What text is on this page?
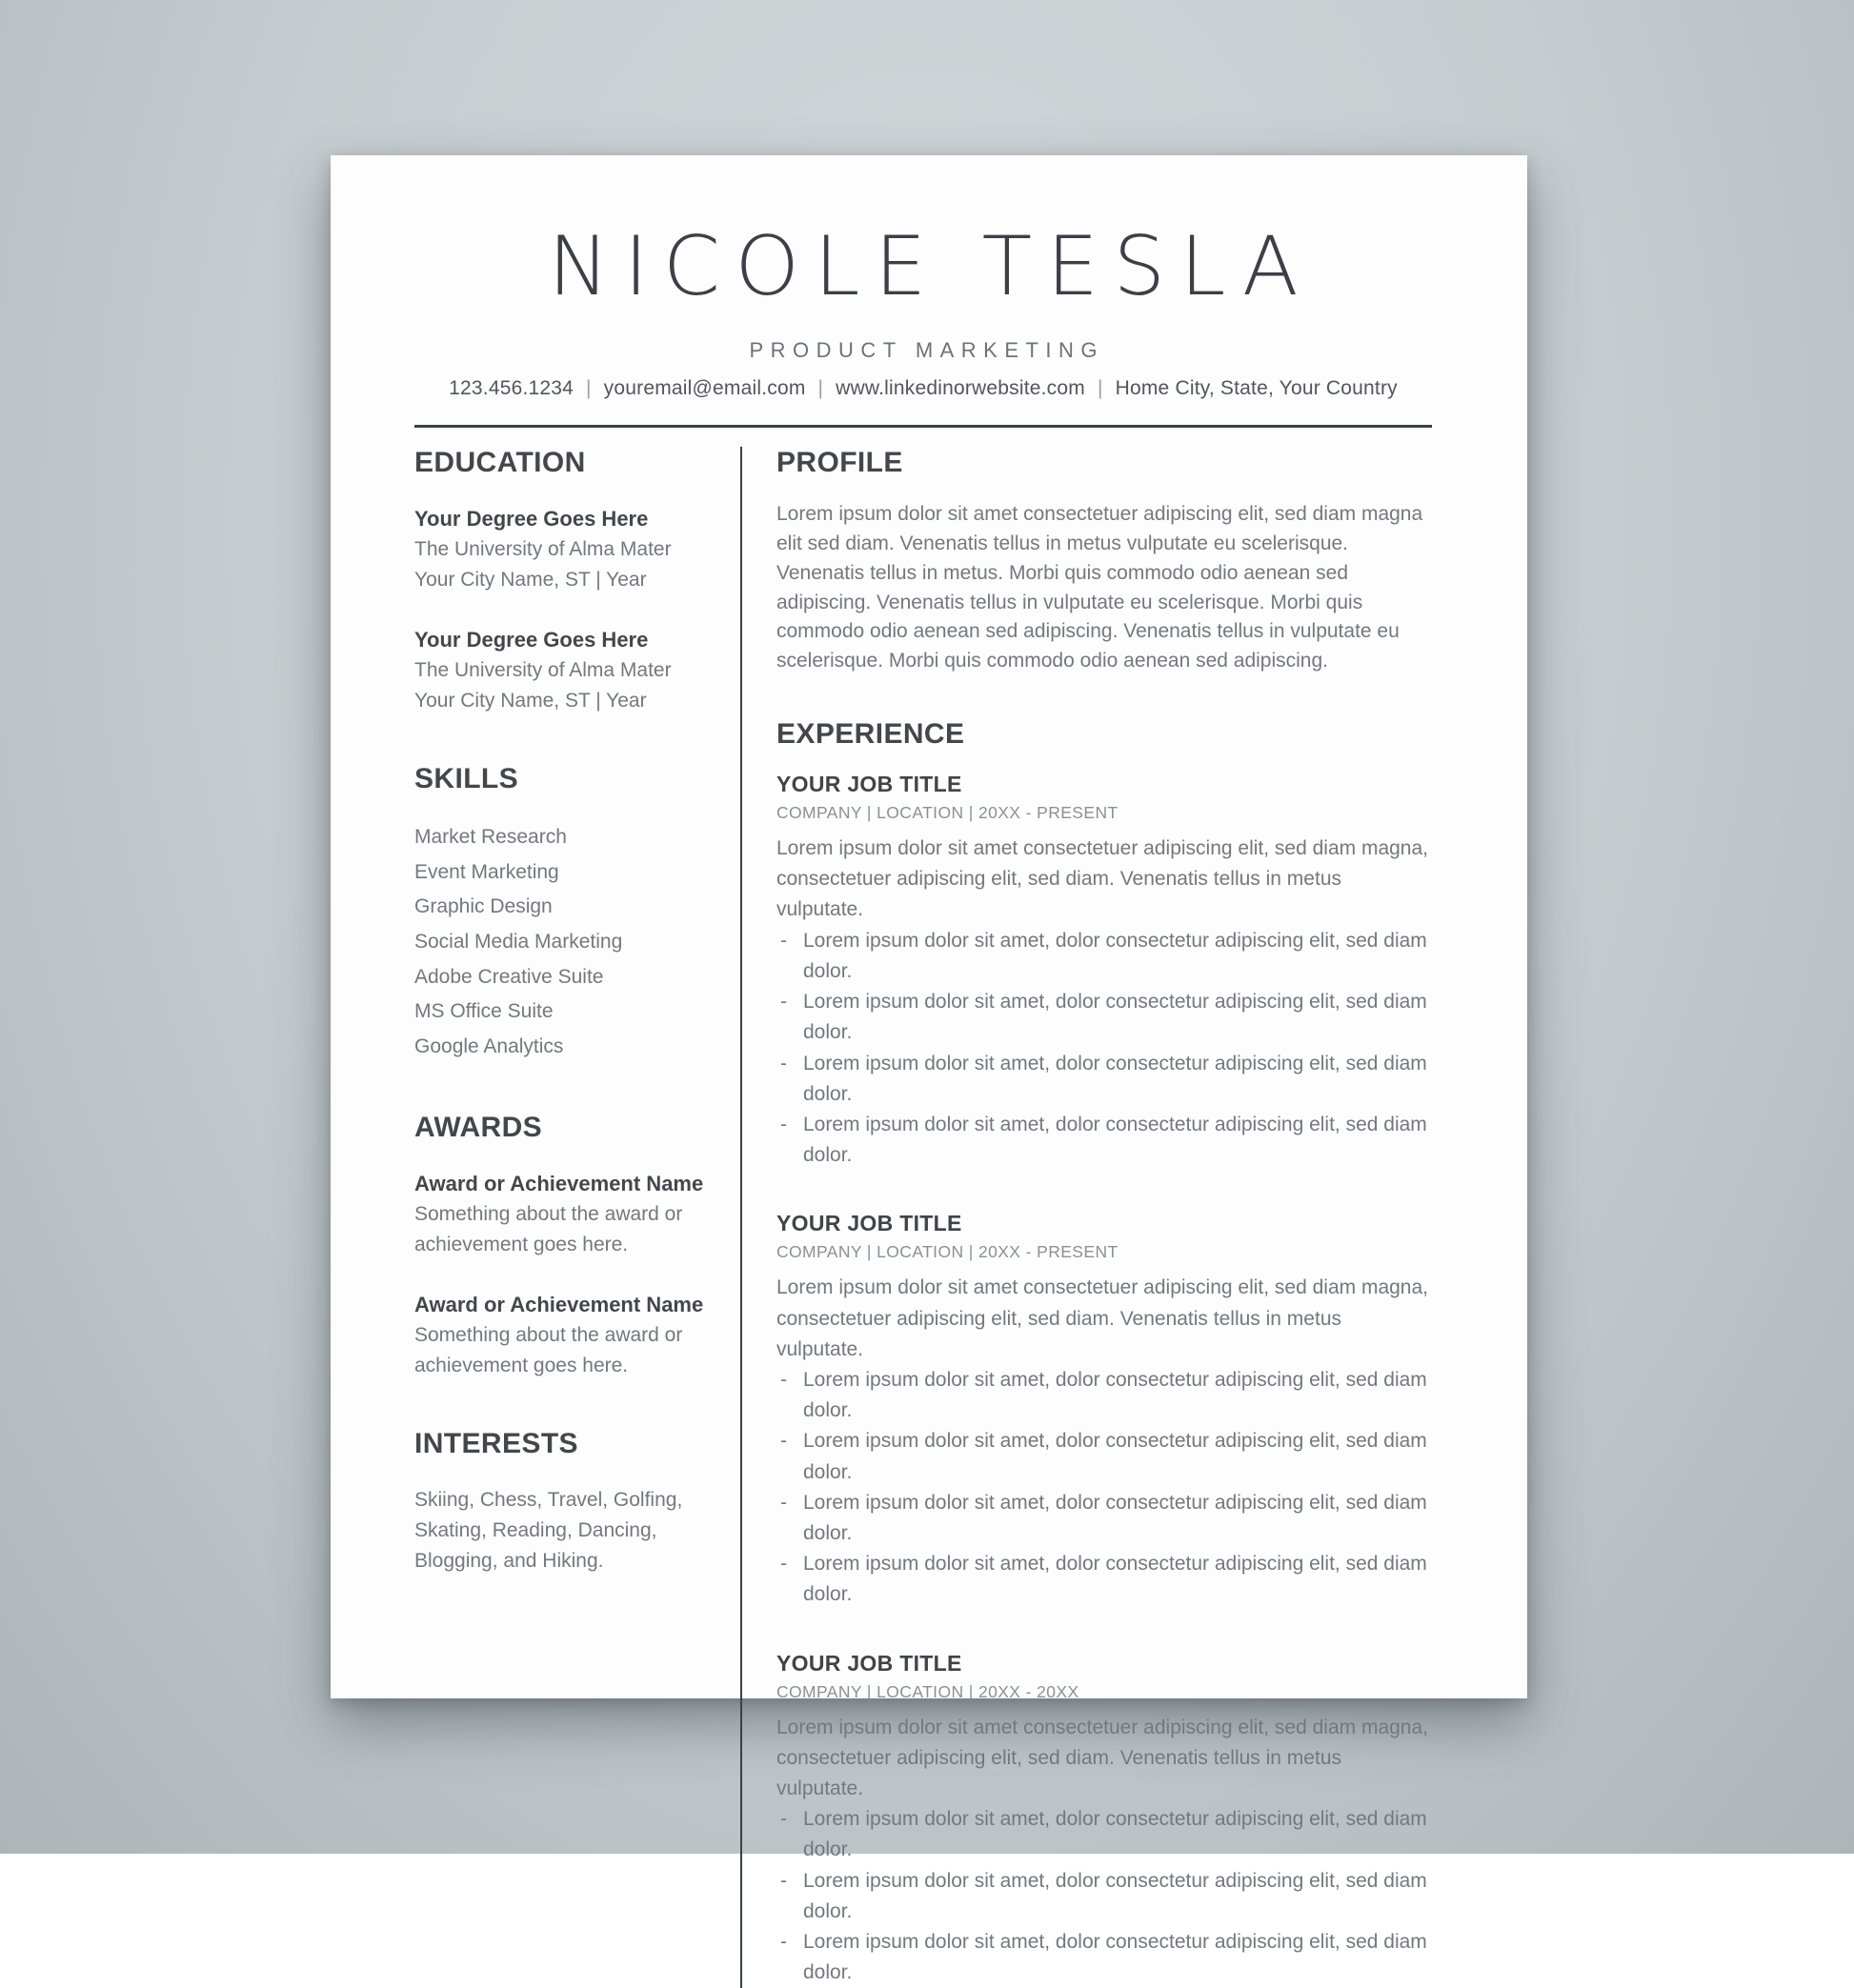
NICOLE TESLA
PRODUCT MARKETING
123.456.1234 | youremail@email.com | www.linkedinorwebsite.com | Home City, State, Your Country
EDUCATION
Your Degree Goes Here
The University of Alma Mater
Your City Name, ST | Year
Your Degree Goes Here
The University of Alma Mater
Your City Name, ST | Year
SKILLS
Market Research
Event Marketing
Graphic Design
Social Media Marketing
Adobe Creative Suite
MS Office Suite
Google Analytics
AWARDS
Award or Achievement Name
Something about the award or achievement goes here.
Award or Achievement Name
Something about the award or achievement goes here.
INTERESTS

Skiing, Chess, Travel, Golfing, Skating, Reading, Dancing, Blogging, and Hiking.

PROFILE

Lorem ipsum dolor sit amet consectetuer adipiscing elit, sed diam magna elit sed diam. Venenatis tellus in metus vulputate eu scelerisque. Venenatis tellus in metus. Morbi quis commodo odio aenean sed adipiscing. Venenatis tellus in vulputate eu scelerisque. Morbi quis commodo odio aenean sed adipiscing. Venenatis tellus in vulputate eu scelerisque. Morbi quis commodo odio aenean sed adipiscing.

EXPERIENCE
YOUR JOB TITLE
COMPANY | LOCATION | 20XX - PRESENT

Lorem ipsum dolor sit amet consectetuer adipiscing elit, sed diam magna, consectetuer adipiscing elit, sed diam. Venenatis tellus in metus vulputate.

- Lorem ipsum dolor sit amet, dolor consectetur adipiscing elit, sed diam dolor.
- Lorem ipsum dolor sit amet, dolor consectetur adipiscing elit, sed diam dolor.
- Lorem ipsum dolor sit amet, dolor consectetur adipiscing elit, sed diam dolor.
- Lorem ipsum dolor sit amet, dolor consectetur adipiscing elit, sed diam dolor.
YOUR JOB TITLE
COMPANY | LOCATION | 20XX - PRESENT

Lorem ipsum dolor sit amet consectetuer adipiscing elit, sed diam magna, consectetuer adipiscing elit, sed diam. Venenatis tellus in metus vulputate.

- Lorem ipsum dolor sit amet, dolor consectetur adipiscing elit, sed diam dolor.
- Lorem ipsum dolor sit amet, dolor consectetur adipiscing elit, sed diam dolor.
- Lorem ipsum dolor sit amet, dolor consectetur adipiscing elit, sed diam dolor.
- Lorem ipsum dolor sit amet, dolor consectetur adipiscing elit, sed diam dolor.
YOUR JOB TITLE
COMPANY | LOCATION | 20XX - 20XX

Lorem ipsum dolor sit amet consectetuer adipiscing elit, sed diam magna, consectetuer adipiscing elit, sed diam. Venenatis tellus in metus vulputate.

- Lorem ipsum dolor sit amet, dolor consectetur adipiscing elit, sed diam dolor.
- Lorem ipsum dolor sit amet, dolor consectetur adipiscing elit, sed diam dolor.
- Lorem ipsum dolor sit amet, dolor consectetur adipiscing elit, sed diam dolor.
